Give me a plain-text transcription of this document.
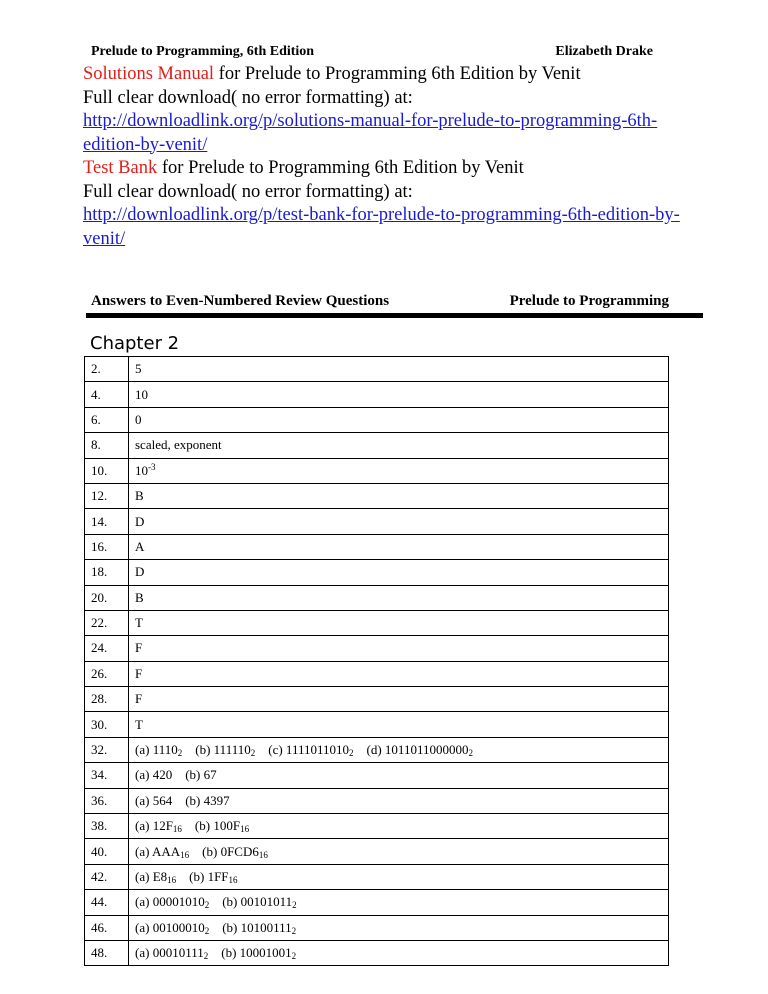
Prelude to Programming, 6th Edition	Elizabeth Drake
Solutions Manual for Prelude to Programming 6th Edition by Venit
Full clear download( no error formatting) at:
http://downloadlink.org/p/solutions-manual-for-prelude-to-programming-6th-
edition-by-venit/
Test Bank for Prelude to Programming 6th Edition by Venit
Full clear download( no error formatting) at:
http://downloadlink.org/p/test-bank-for-prelude-to-programming-6th-edition-by-
venit/
Answers to Even-Numbered Review Questions	Prelude to Programming
Chapter 2
2.	5
4.	10
6.	0
8.	scaled, exponent
10.	$10^{-3}$
12.	B
14.	D
16.	A
18.	D
20.	B
22.	T
24.	F
26.	F
28.	F
30.	T
32.	(a) $1110_2$ (b) $111110_2$ (c) $1111011010_2$ (d) $1011011000000_2$
34.	(a) 420 (b) 67
36.	(a) 564 (b) 4397
38.	(a) $12F_{16}$ (b) $100F_{16}$
40.	(a) $AAA_{16}$ (b) $0FCD6_{16}$
42.	(a) $E8_{16}$ (b) $1FF_{16}$
44.	(a) $00001010_2$ (b) $00101011_2$
46.	(a) $00100010_2$ (b) $10100111_2$
48.	(a) $00010111_2$ (b) $10001001_2$
